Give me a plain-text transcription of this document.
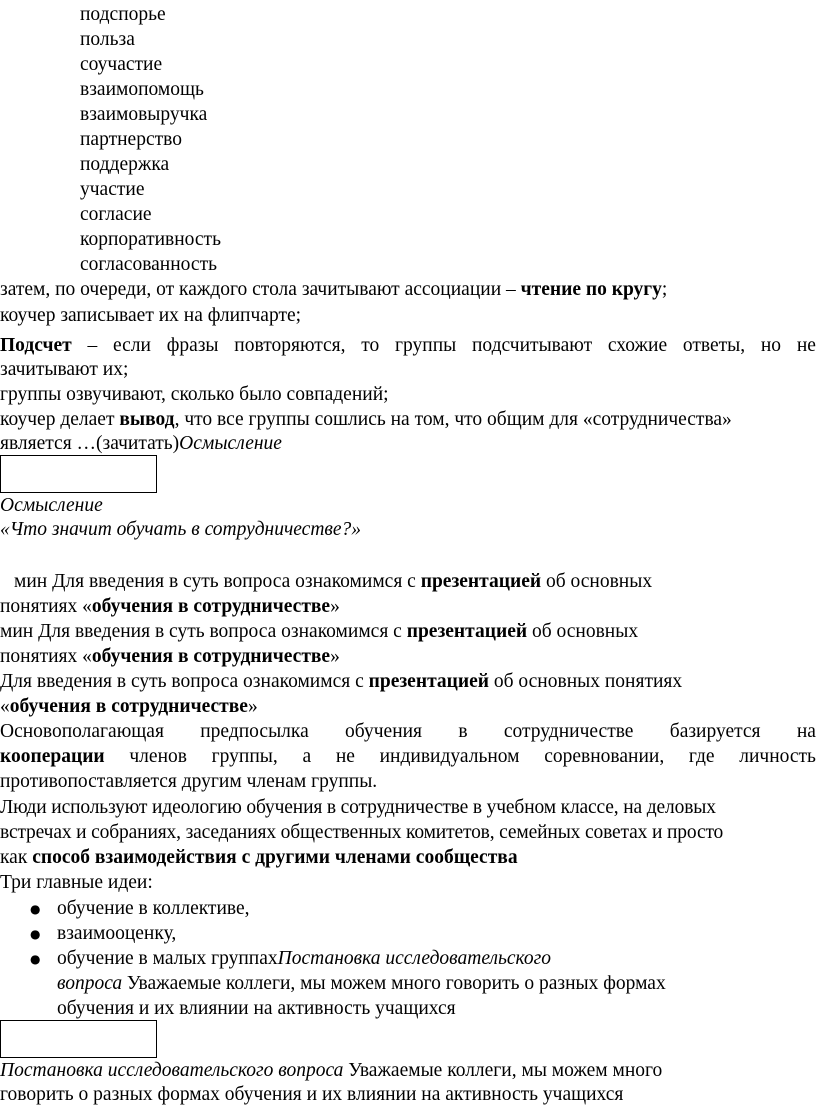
подспорье
польза
соучастие
взаимопомощь
взаимовыручка
партнерство
поддержка
участие
согласие
корпоративность
согласованность
затем, по очереди, от каждого стола зачитывают ассоциации – чтение по кругу;
коучер записывает их на флипчарте;
Подсчет – если фразы повторяются, то группы подсчитывают схожие ответы, но не
зачитывают их;
группы озвучивают, сколько было совпадений;
коучер делает вывод, что все группы сошлись на том, что общим для «сотрудничества»
является …(зачитать)Осмысление
Осмысление
«Что значит обучать в сотрудничестве?»
мин Для введения в суть вопроса ознакомимся с презентацией об основных
понятиях «обучения в сотрудничестве»
мин Для введения в суть вопроса ознакомимся с презентацией об основных
понятиях «обучения в сотрудничестве»
Для введения в суть вопроса ознакомимся с презентацией об основных понятиях
«обучения в сотрудничестве»
Основополагающая предпосылка обучения в сотрудничестве базируется на
кооперации членов группы, а не индивидуальном соревновании, где личность
противопоставляется другим членам группы.
Люди используют идеологию обучения в сотрудничестве в учебном классе, на деловых
встречах и собраниях, заседаниях общественных комитетов, семейных советах и просто
как способ взаимодействия с другими членами сообщества
Три главные идеи:
● обучение в коллективе,
● взаимооценку,
● обучение в малых группахПостановка исследовательского
вопроса Уважаемые коллеги, мы можем много говорить о разных формах
обучения и их влиянии на активность учащихся
Постановка исследовательского вопроса Уважаемые коллеги, мы можем много
говорить о разных формах обучения и их влиянии на активность учащихся
